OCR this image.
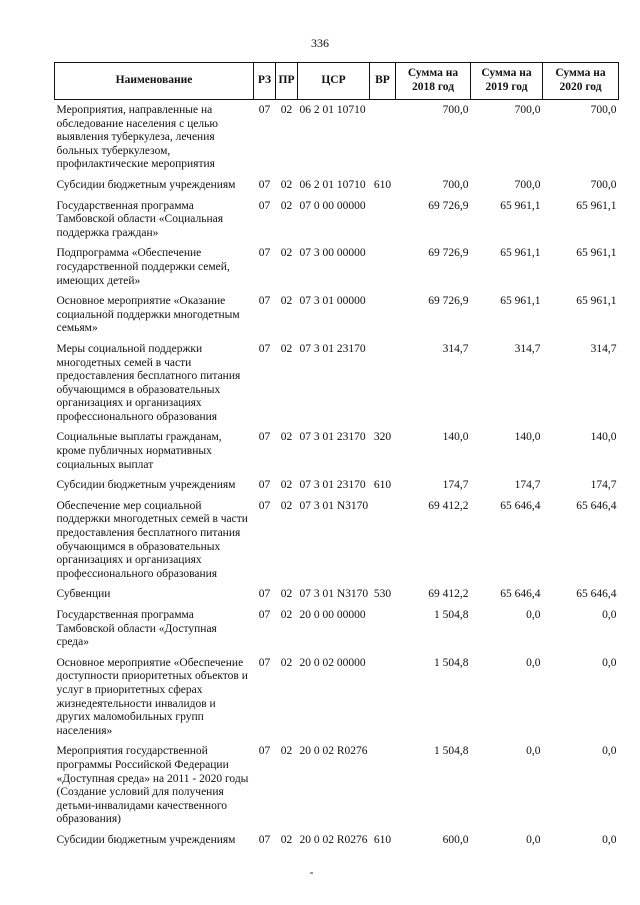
336
Наименование	РЗ	ПР	ЦСР	ВР	Сумма на 2018 год	Сумма на 2019 год	Сумма на 2020 год
Мероприятия, направленные на обследование населения с целью выявления туберкулеза, лечения больных туберкулезом, профилактические мероприятия	07	02	06 2 01 10710		700,0	700,0	700,0
Субсидии бюджетным учреждениям	07	02	06 2 01 10710	610	700,0	700,0	700,0
Государственная программа Тамбовской области «Социальная поддержка граждан»	07	02	07 0 00 00000		69 726,9	65 961,1	65 961,1
Подпрограмма «Обеспечение государственной поддержки семей, имеющих детей»	07	02	07 3 00 00000		69 726,9	65 961,1	65 961,1
Основное мероприятие «Оказание социальной поддержки многодетным семьям»	07	02	07 3 01 00000		69 726,9	65 961,1	65 961,1
Меры социальной поддержки многодетных семей в части предоставления бесплатного питания обучающимся в образовательных организациях и организациях профессионального образования	07	02	07 3 01 23170		314,7	314,7	314,7
Социальные выплаты гражданам, кроме публичных нормативных социальных выплат	07	02	07 3 01 23170	320	140,0	140,0	140,0
Субсидии бюджетным учреждениям	07	02	07 3 01 23170	610	174,7	174,7	174,7
Обеспечение мер социальной поддержки многодетных семей в части предоставления бесплатного питания обучающимся в образовательных организациях и организациях профессионального образования	07	02	07 3 01 N3170		69 412,2	65 646,4	65 646,4
Субвенции	07	02	07 3 01 N3170	530	69 412,2	65 646,4	65 646,4
Государственная программа Тамбовской области «Доступная среда»	07	02	20 0 00 00000		1 504,8	0,0	0,0
Основное мероприятие «Обеспечение доступности приоритетных объектов и услуг в приоритетных сферах жизнедеятельности инвалидов и других маломобильных групп населения»	07	02	20 0 02 00000		1 504,8	0,0	0,0
Мероприятия государственной программы Российской Федерации «Доступная среда» на 2011 - 2020 годы (Создание условий для получения детьми-инвалидами качественного образования)	07	02	20 0 02 R0276		1 504,8	0,0	0,0
Субсидии бюджетным учреждениям	07	02	20 0 02 R0276	610	600,0	0,0	0,0
